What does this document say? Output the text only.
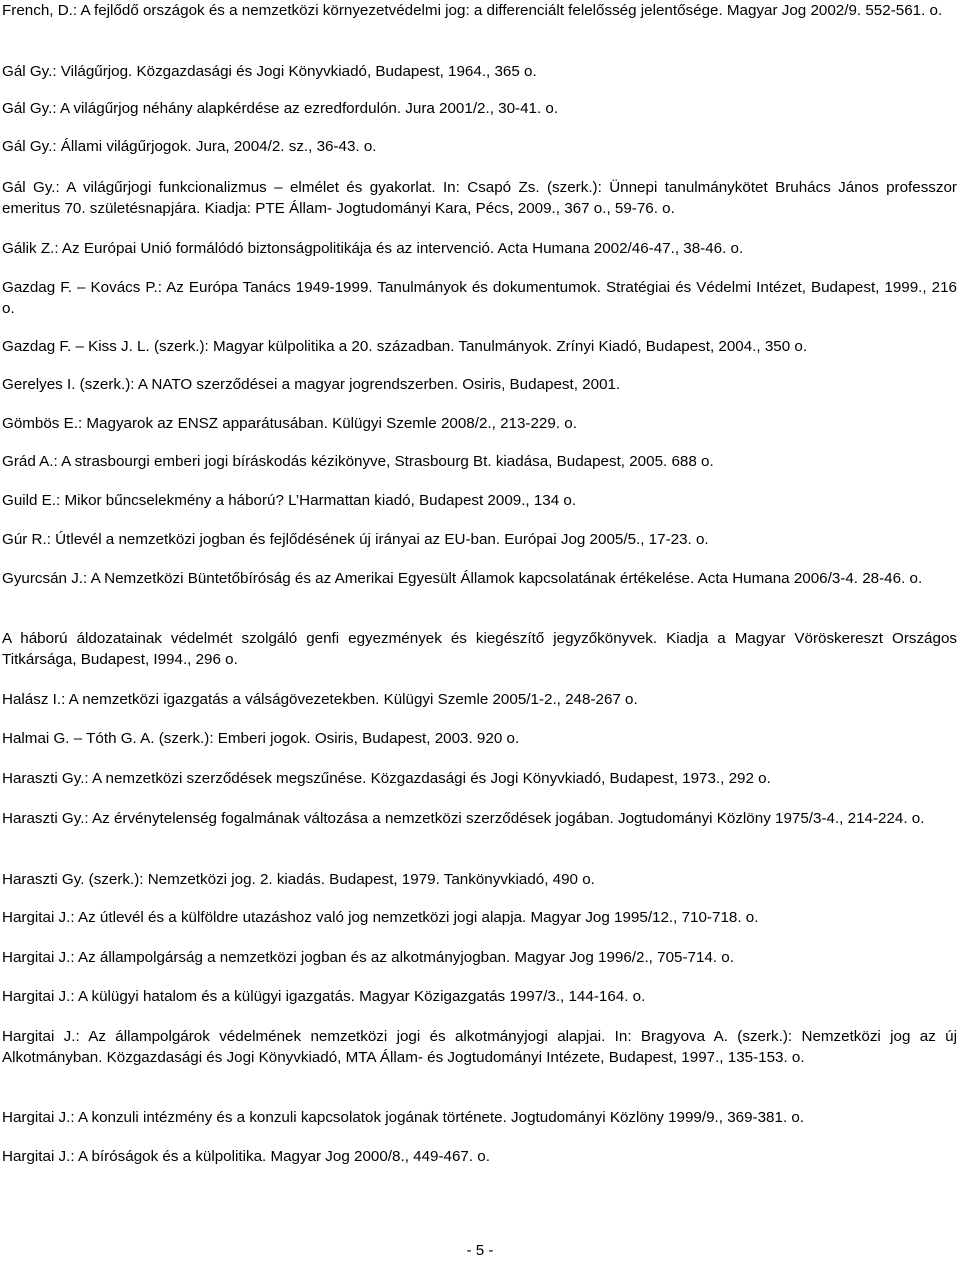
French, D.: A fejlődő országok és a nemzetközi környezetvédelmi jog: a differenciált felelősség jelentősége. Magyar Jog 2002/9. 552-561. o.

Gál Gy.: Világűrjog. Közgazdasági és Jogi Könyvkiadó, Budapest, 1964., 365 o.

Gál Gy.: A világűrjog néhány alapkérdése az ezredfordulón. Jura 2001/2., 30-41. o.

Gál Gy.: Állami világűrjogok. Jura, 2004/2. sz., 36-43. o.

Gál Gy.: A világűrjogi funkcionalizmus – elmélet és gyakorlat. In: Csapó Zs. (szerk.): Ünnepi tanulmánykötet Bruhács János professzor emeritus 70. születésnapjára. Kiadja: PTE Állam- Jogtudományi Kara, Pécs, 2009., 367 o., 59-76. o.

Gálik Z.: Az Európai Unió formálódó biztonságpolitikája és az intervenció. Acta Humana 2002/46-47., 38-46. o.

Gazdag F. – Kovács P.: Az Európa Tanács 1949-1999. Tanulmányok és dokumentumok. Stratégiai és Védelmi Intézet, Budapest, 1999., 216 o.

Gazdag F. – Kiss J. L. (szerk.): Magyar külpolitika a 20. században. Tanulmányok. Zrínyi Kiadó, Budapest, 2004., 350 o.

Gerelyes I. (szerk.): A NATO szerződései a magyar jogrendszerben. Osiris, Budapest, 2001.

Gömbös E.: Magyarok az ENSZ apparátusában. Külügyi Szemle 2008/2., 213-229. o.

Grád A.: A strasbourgi emberi jogi bíráskodás kézikönyve, Strasbourg Bt. kiadása, Budapest, 2005. 688 o.

Guild E.: Mikor bűncselekmény a háború? L’Harmattan kiadó, Budapest 2009., 134 o.

Gúr R.: Útlevél a nemzetközi jogban és fejlődésének új irányai az EU-ban. Európai Jog 2005/5., 17-23. o.

Gyurcsán J.: A Nemzetközi Büntetőbíróság és az Amerikai Egyesült Államok kapcsolatának értékelése. Acta Humana 2006/3-4. 28-46. o.

A háború áldozatainak védelmét szolgáló genfi egyezmények és kiegészítő jegyzőkönyvek. Kiadja a Magyar Vöröskereszt Országos Titkársága, Budapest, I994., 296 o.

Halász I.: A nemzetközi igazgatás a válságövezetekben. Külügyi Szemle 2005/1-2., 248-267 o.

Halmai G. – Tóth G. A. (szerk.): Emberi jogok. Osiris, Budapest, 2003. 920 o.

Haraszti Gy.: A nemzetközi szerződések megszűnése. Közgazdasági és Jogi Könyvkiadó, Budapest, 1973., 292 o.

Haraszti Gy.: Az érvénytelenség fogalmának változása a nemzetközi szerződések jogában. Jogtudományi Közlöny 1975/3-4., 214-224. o.

Haraszti Gy. (szerk.): Nemzetközi jog. 2. kiadás. Budapest, 1979. Tankönyvkiadó, 490 o.

Hargitai J.: Az útlevél és a külföldre utazáshoz való jog nemzetközi jogi alapja. Magyar Jog 1995/12., 710-718. o.

Hargitai J.: Az állampolgárság a nemzetközi jogban és az alkotmányjogban. Magyar Jog 1996/2., 705-714. o.

Hargitai J.: A külügyi hatalom és a külügyi igazgatás. Magyar Közigazgatás 1997/3., 144-164. o.

Hargitai J.: Az állampolgárok védelmének nemzetközi jogi és alkotmányjogi alapjai. In: Bragyova A. (szerk.): Nemzetközi jog az új Alkotmányban. Közgazdasági és Jogi Könyvkiadó, MTA Állam- és Jogtudományi Intézete, Budapest, 1997., 135-153. o.

Hargitai J.: A konzuli intézmény és a konzuli kapcsolatok jogának története. Jogtudományi Közlöny 1999/9., 369-381. o.

Hargitai J.: A bíróságok és a külpolitika. Magyar Jog 2000/8., 449-467. o.

- 5 -
